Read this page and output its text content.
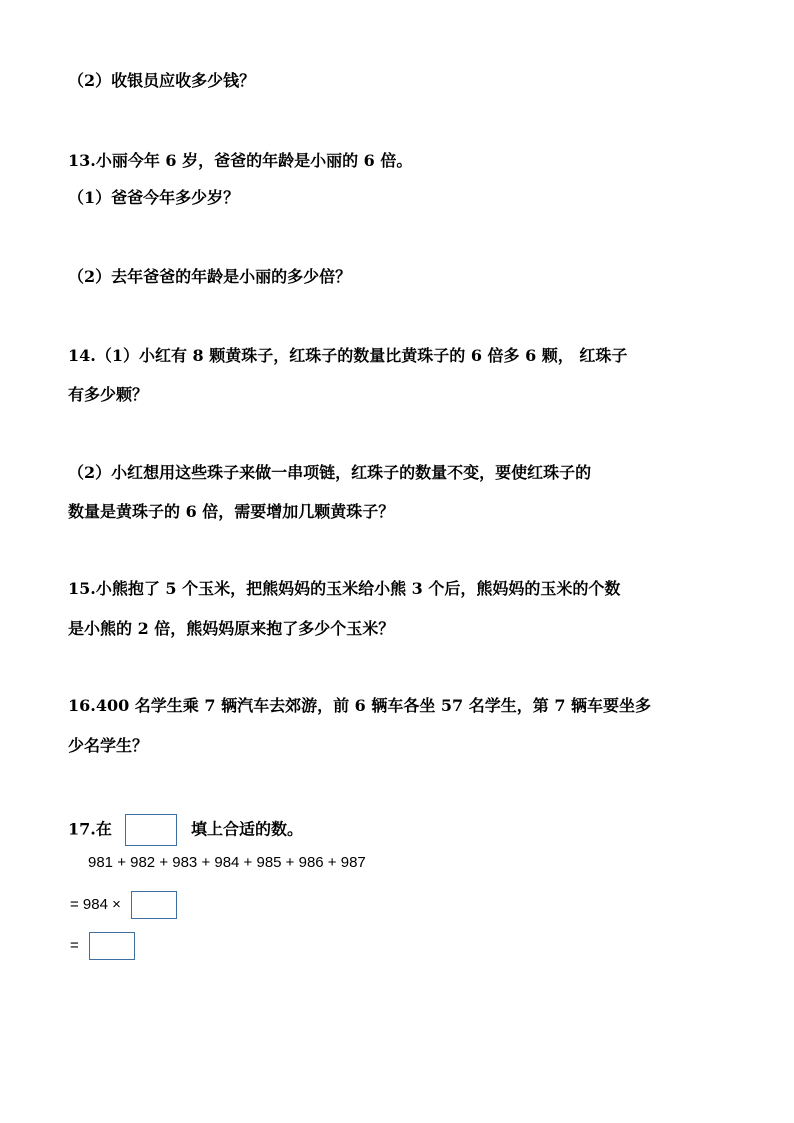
（2）收银员应收多少钱？
13.小丽今年 6 岁，爸爸的年龄是小丽的 6 倍。
（1）爸爸今年多少岁？
（2）去年爸爸的年龄是小丽的多少倍？
14.（1）小红有 8 颗黄珠子，红珠子的数量比黄珠子的 6 倍多 6 颗， 红珠子
有多少颗？
（2）小红想用这些珠子来做一串项链，红珠子的数量不变，要使红珠子的
数量是黄珠子的 6 倍，需要增加几颗黄珠子？
15.小熊抱了 5 个玉米，把熊妈妈的玉米给小熊 3 个后，熊妈妈的玉米的个数
是小熊的 2 倍，熊妈妈原来抱了多少个玉米？
16.400 名学生乘 7 辆汽车去郊游，前 6 辆车各坐 57 名学生，第 7 辆车要坐多
少名学生？
17.在	填上合适的数。
981 + 982 + 983 + 984 + 985 + 986 + 987
= 984 ×
=
